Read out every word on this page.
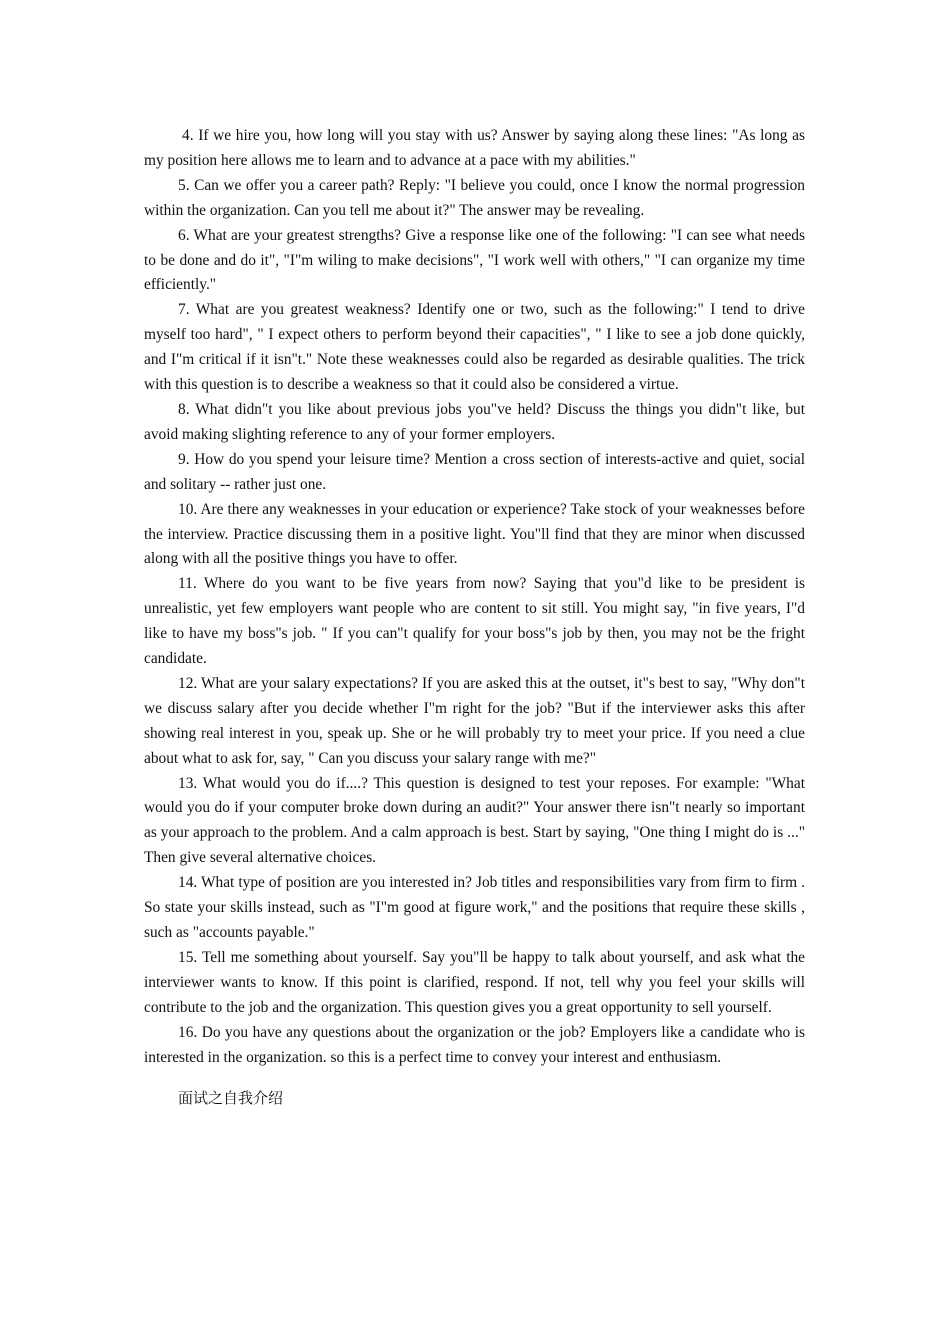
4. If we hire you, how long will you stay with us? Answer by saying along these lines: "As long as my position here allows me to learn and to advance at a pace with my abilities."

5. Can we offer you a career path? Reply: "I believe you could, once I know the normal progression within the organization. Can you tell me about it?" The answer may be revealing.

6. What are your greatest strengths? Give a response like one of the following: "I can see what needs to be done and do it", "I"m wiling to make decisions", "I work well with others," "I can organize my time efficiently."

7. What are you greatest weakness? Identify one or two, such as the following:" I tend to drive myself too hard", " I expect others to perform beyond their capacities", " I like to see a job done quickly, and I"m critical if it isn"t." Note these weaknesses could also be regarded as desirable qualities. The trick with this question is to describe a weakness so that it could also be considered a virtue.

8. What didn"t you like about previous jobs you"ve held? Discuss the things you didn"t like, but avoid making slighting reference to any of your former employers.

9. How do you spend your leisure time? Mention a cross section of interests-active and quiet, social and solitary -- rather just one.

10. Are there any weaknesses in your education or experience? Take stock of your weaknesses before the interview. Practice discussing them in a positive light. You"ll find that they are minor when discussed along with all the positive things you have to offer.

11. Where do you want to be five years from now? Saying that you"d like to be president is unrealistic, yet few employers want people who are content to sit still. You might say, "in five years, I"d like to have my boss"s job. " If you can"t qualify for your boss"s job by then, you may not be the fright candidate.

12. What are your salary expectations? If you are asked this at the outset, it"s best to say, "Why don"t we discuss salary after you decide whether I"m right for the job? "But if the interviewer asks this after showing real interest in you, speak up. She or he will probably try to meet your price. If you need a clue about what to ask for, say, " Can you discuss your salary range with me?"

13. What would you do if....? This question is designed to test your reposes. For example: "What would you do if your computer broke down during an audit?" Your answer there isn"t nearly so important as your approach to the problem. And a calm approach is best. Start by saying, "One thing I might do is ..." Then give several alternative choices.

14. What type of position are you interested in? Job titles and responsibilities vary from firm to firm . So state your skills instead, such as "I"m good at figure work," and the positions that require these skills , such as "accounts payable."

15. Tell me something about yourself. Say you"ll be happy to talk about yourself, and ask what the interviewer wants to know. If this point is clarified, respond. If not, tell why you feel your skills will contribute to the job and the organization. This question gives you a great opportunity to sell yourself.

16. Do you have any questions about the organization or the job? Employers like a candidate who is interested in the organization. so this is a perfect time to convey your interest and enthusiasm.

面试之自我介绍
